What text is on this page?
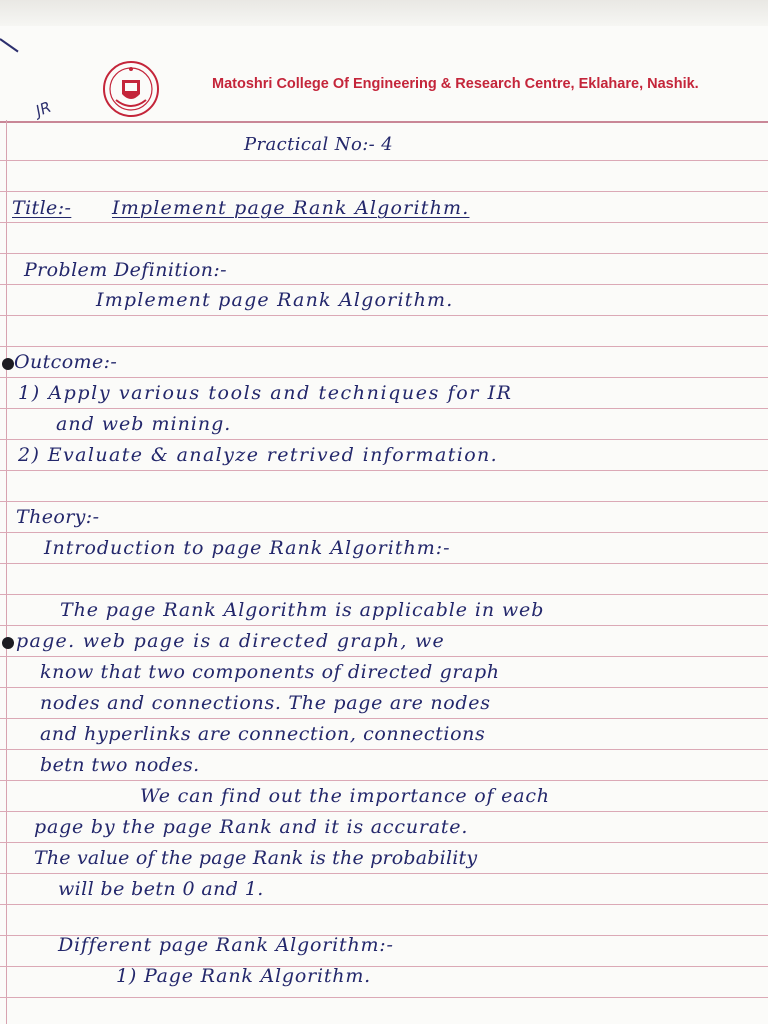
Matoshri College Of Engineering & Research Centre, Eklahare, Nashik.
JR
Practical No:- 4
Title:- Implement page Rank Algorithm.
Problem Definition:-
Implement page Rank Algorithm.
Outcome:-
1) Apply various tools and techniques for IR
and web mining.
2) Evaluate & analyze retrived information.
Theory:-
Introduction to page Rank Algorithm:-
The page Rank Algorithm is applicable in web
page. web page is a directed graph, we
know that two components of directed graph
nodes and connections. The page are nodes
and hyperlinks are connection, connections
betn two nodes.
We can find out the importance of each
page by the page Rank and it is accurate.
The value of the page Rank is the probability
will be betn 0 and 1.
Different page Rank Algorithm:-
1) Page Rank Algorithm.
